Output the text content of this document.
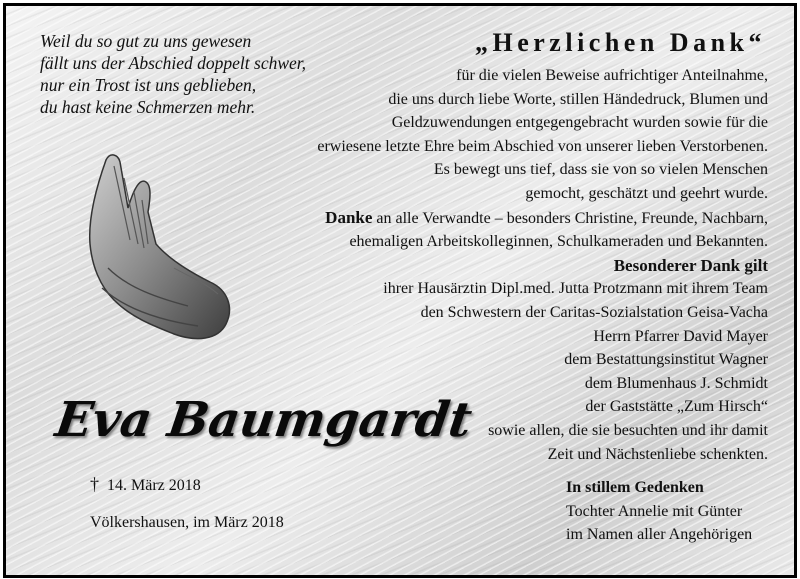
Weil du so gut zu uns gewesen
fällt uns der Abschied doppelt schwer,
nur ein Trost ist uns geblieben,
du hast keine Schmerzen mehr.
„Herzlichen Dank“
für die vielen Beweise aufrichtiger Anteilnahme,
die uns durch liebe Worte, stillen Händedruck, Blumen und
Geldzuwendungen entgegengebracht wurden sowie für die
erwiesene letzte Ehre beim Abschied von unserer lieben Verstorbenen.
Es bewegt uns tief, dass sie von so vielen Menschen
gemocht, geschätzt und geehrt wurde.
Danke an alle Verwandte – besonders Christine, Freunde, Nachbarn,
ehemaligen Arbeitskolleginnen, Schulkameraden und Bekannten.
Besonderer Dank gilt
ihrer Hausärztin Dipl.med. Jutta Protzmann mit ihrem Team
den Schwestern der Caritas-Sozialstation Geisa-Vacha
Herrn Pfarrer David Mayer
dem Bestattungsinstitut Wagner
dem Blumenhaus J. Schmidt
der Gaststätte „Zum Hirsch“
sowie allen, die sie besuchten und ihr damit
Zeit und Nächstenliebe schenkten.
Eva Baumgardt
† 14. März 2018
Völkershausen, im März 2018
In stillem Gedenken
Tochter Annelie mit Günter
im Namen aller Angehörigen
